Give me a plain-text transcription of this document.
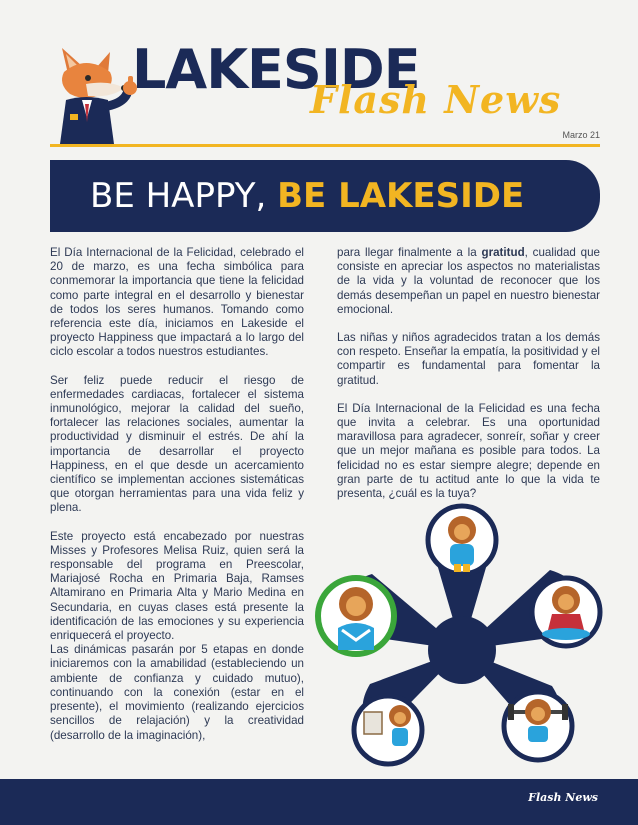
LAKESIDE
Flash News
Marzo 21

BE HAPPY, BE LAKESIDE

El Día Internacional de la Felicidad, celebrado el 20 de marzo, es una fecha simbólica para conmemorar la importancia que tiene la felicidad como parte integral en el desarrollo y bienestar de todos los seres humanos. Tomando como referencia este día, iniciamos en Lakeside el proyecto Happiness que impactará a lo largo del ciclo escolar a todos nuestros estudiantes.

Ser feliz puede reducir el riesgo de enfermedades cardiacas, fortalecer el sistema inmunológico, mejorar la calidad del sueño, fortalecer las relaciones sociales, aumentar la productividad y disminuir el estrés. De ahí la importancia de desarrollar el proyecto Happiness, en el que desde un acercamiento científico se implementan acciones sistemáticas que otorgan herramientas para una vida feliz y plena.

Este proyecto está encabezado por nuestras Misses y Profesores Melisa Ruiz, quien será la responsable del programa en Preescolar, Mariajosé Rocha en Primaria Baja, Ramses Altamirano en Primaria Alta y Mario Medina en Secundaria, en cuyas clases está presente la identificación de las emociones y su experiencia enriquecerá el proyecto.

Las dinámicas pasarán por 5 etapas en donde iniciaremos con la amabilidad (estableciendo un ambiente de confianza y cuidado mutuo), continuando con la conexión (estar en el presente), el movimiento (realizando ejercicios sencillos de relajación) y la creatividad (desarrollo de la imaginación),

para llegar finalmente a la gratitud, cualidad que consiste en apreciar los aspectos no materialistas de la vida y la voluntad de reconocer que los demás desempeñan un papel en nuestro bienestar emocional.

Las niñas y niños agradecidos tratan a los demás con respeto. Enseñar la empatía, la positividad y el compartir es fundamental para fomentar la gratitud.

El Día Internacional de la Felicidad es una fecha que invita a celebrar. Es una oportunidad maravillosa para agradecer, sonreír, soñar y creer que un mejor mañana es posible para todos. La felicidad no es estar siempre alegre; depende en gran parte de tu actitud ante lo que la vida te presenta, ¿cuál es la tuya?

Flash News
